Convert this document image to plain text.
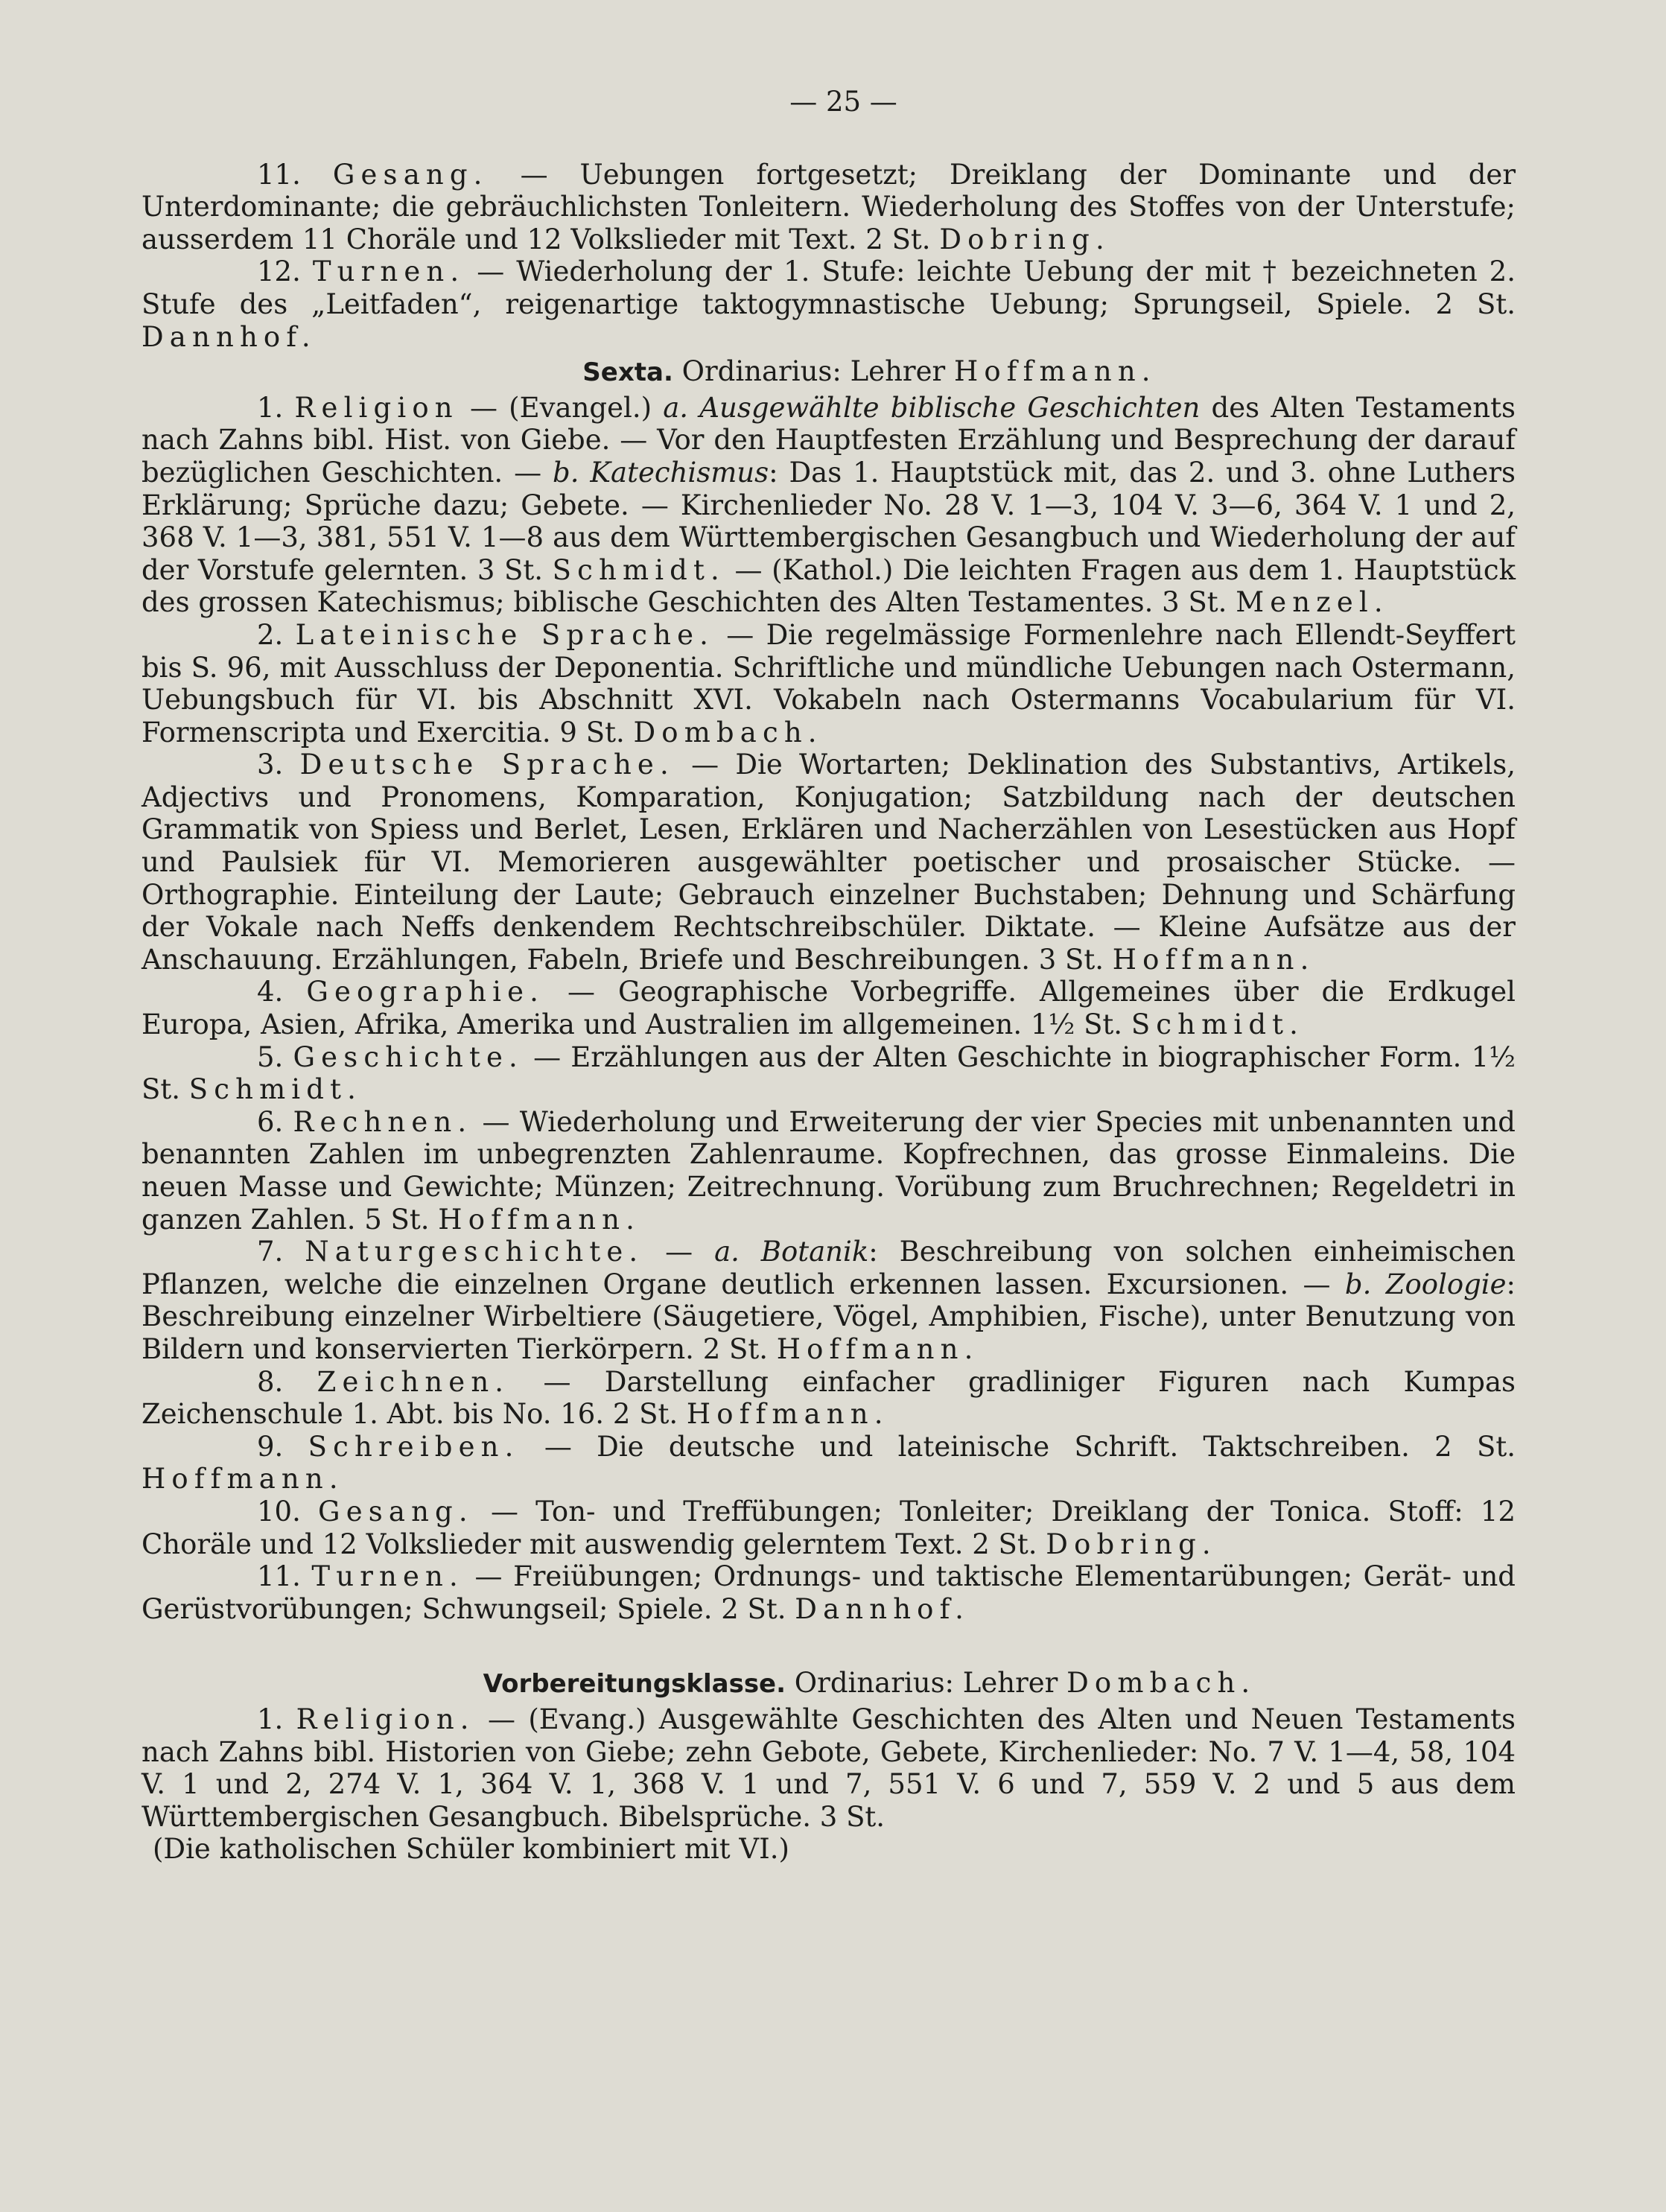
— 25 —

11. Gesang. — Uebungen fortgesetzt; Dreiklang der Dominante und der Unterdominante; die gebräuchlichsten Tonleitern. Wiederholung des Stoffes von der Unterstufe; ausserdem 11 Choräle und 12 Volkslieder mit Text. 2 St. Dobring.

12. Turnen. — Wiederholung der 1. Stufe: leichte Uebung der mit † bezeichneten 2. Stufe des „Leitfaden“, reigenartige taktogymnastische Uebung; Sprungseil, Spiele. 2 St. Dannhof.

Sexta. Ordinarius: Lehrer Hoffmann.

1. Religion — (Evangel.) a. Ausgewählte biblische Geschichten des Alten Testaments nach Zahns bibl. Hist. von Giebe. — Vor den Hauptfesten Erzählung und Besprechung der darauf bezüglichen Geschichten. — b. Katechismus: Das 1. Hauptstück mit, das 2. und 3. ohne Luthers Erklärung; Sprüche dazu; Gebete. — Kirchenlieder No. 28 V. 1—3, 104 V. 3—6, 364 V. 1 und 2, 368 V. 1—3, 381, 551 V. 1—8 aus dem Württembergischen Gesangbuch und Wiederholung der auf der Vorstufe gelernten. 3 St. Schmidt. — (Kathol.) Die leichten Fragen aus dem 1. Hauptstück des grossen Katechismus; biblische Geschichten des Alten Testamentes. 3 St. Menzel.

2. Lateinische Sprache. — Die regelmässige Formenlehre nach Ellendt-Seyffert bis S. 96, mit Ausschluss der Deponentia. Schriftliche und mündliche Uebungen nach Ostermann, Uebungsbuch für VI. bis Abschnitt XVI. Vokabeln nach Ostermanns Vocabularium für VI. Formenscripta und Exercitia. 9 St. Dombach.

3. Deutsche Sprache. — Die Wortarten; Deklination des Substantivs, Artikels, Adjectivs und Pronomens, Komparation, Konjugation; Satzbildung nach der deutschen Grammatik von Spiess und Berlet, Lesen, Erklären und Nacherzählen von Lesestücken aus Hopf und Paulsiek für VI. Memorieren ausgewählter poetischer und prosaischer Stücke. — Orthographie. Einteilung der Laute; Gebrauch einzelner Buchstaben; Dehnung und Schärfung der Vokale nach Neffs denkendem Rechtschreibschüler. Diktate. — Kleine Aufsätze aus der Anschauung. Erzählungen, Fabeln, Briefe und Beschreibungen. 3 St. Hoffmann.

4. Geographie. — Geographische Vorbegriffe. Allgemeines über die Erdkugel Europa, Asien, Afrika, Amerika und Australien im allgemeinen. 1½ St. Schmidt.

5. Geschichte. — Erzählungen aus der Alten Geschichte in biographischer Form. 1½ St. Schmidt.

6. Rechnen. — Wiederholung und Erweiterung der vier Species mit unbenannten und benannten Zahlen im unbegrenzten Zahlenraume. Kopfrechnen, das grosse Einmaleins. Die neuen Masse und Gewichte; Münzen; Zeitrechnung. Vorübung zum Bruchrechnen; Regeldetri in ganzen Zahlen. 5 St. Hoffmann.

7. Naturgeschichte. — a. Botanik: Beschreibung von solchen einheimischen Pflanzen, welche die einzelnen Organe deutlich erkennen lassen. Excursionen. — b. Zoologie: Beschreibung einzelner Wirbeltiere (Säugetiere, Vögel, Amphibien, Fische), unter Benutzung von Bildern und konservierten Tierkörpern. 2 St. Hoffmann.

8. Zeichnen. — Darstellung einfacher gradliniger Figuren nach Kumpas Zeichenschule 1. Abt. bis No. 16. 2 St. Hoffmann.

9. Schreiben. — Die deutsche und lateinische Schrift. Taktschreiben. 2 St. Hoffmann.

10. Gesang. — Ton- und Treffübungen; Tonleiter; Dreiklang der Tonica. Stoff: 12 Choräle und 12 Volkslieder mit auswendig gelerntem Text. 2 St. Dobring.

11. Turnen. — Freiübungen; Ordnungs- und taktische Elementarübungen; Gerät- und Gerüstvorübungen; Schwungseil; Spiele. 2 St. Dannhof.

Vorbereitungsklasse. Ordinarius: Lehrer Dombach.

1. Religion. — (Evang.) Ausgewählte Geschichten des Alten und Neuen Testaments nach Zahns bibl. Historien von Giebe; zehn Gebote, Gebete, Kirchenlieder: No. 7 V. 1—4, 58, 104 V. 1 und 2, 274 V. 1, 364 V. 1, 368 V. 1 und 7, 551 V. 6 und 7, 559 V. 2 und 5 aus dem Württembergischen Gesangbuch. Bibelsprüche. 3 St.

(Die katholischen Schüler kombiniert mit VI.)
